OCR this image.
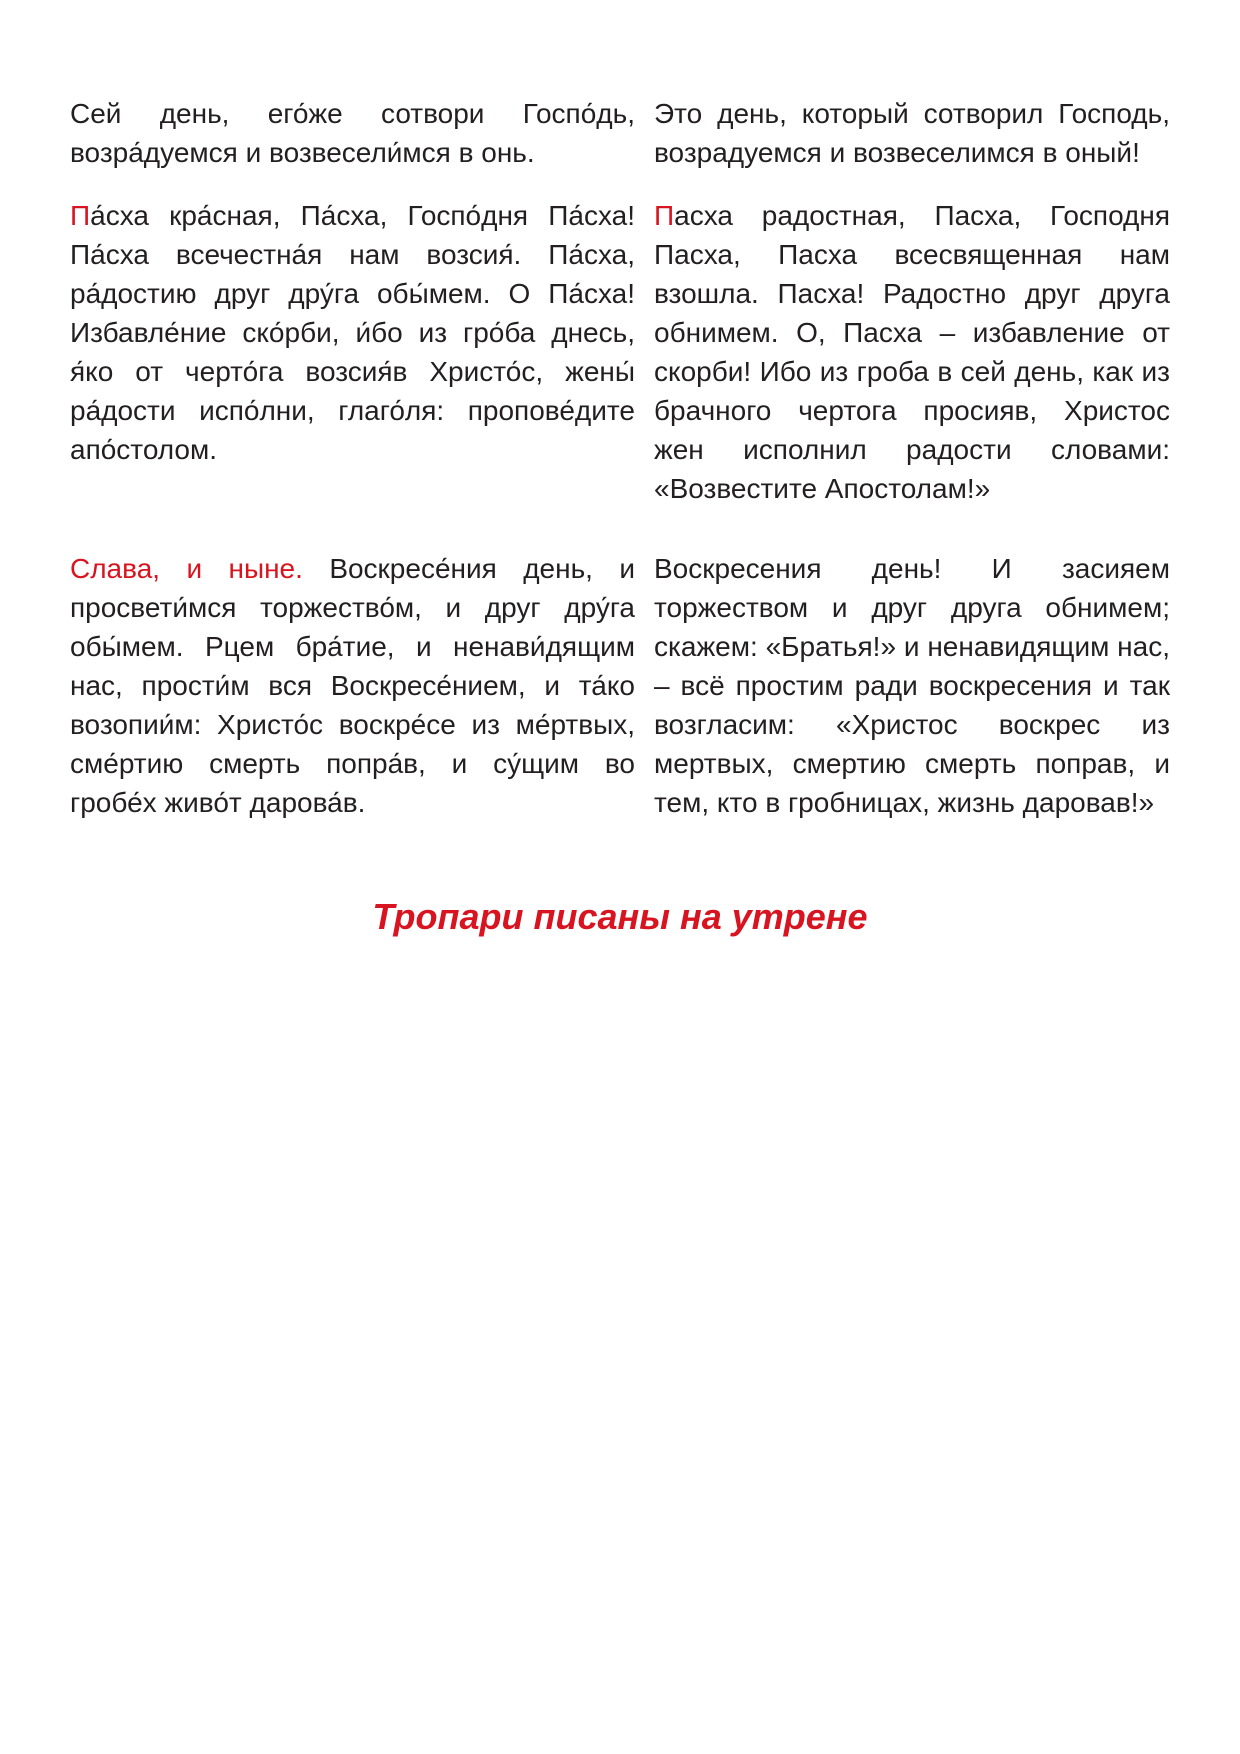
Сей день, его́же сотвори Госпо́дь, возра́дуемся и возвесели́мся в онь.

Это день, который сотворил Господь, возрадуемся и возвеселимся в оный!

Па́сха кра́сная, Па́сха, Госпо́дня Па́сха! Па́сха всечестна́я нам возсия́. Па́сха, ра́достию друг дру́га обы́мем. О Па́сха! Избавле́ние ско́рби, и́бо из гро́ба днесь, я́ко от черто́га возсия́в Христо́с, жены́ ра́дости испо́лни, глаго́ля: пропове́дите апо́столом.

Пасха радостная, Пасха, Господня Пасха, Пасха всесвященная нам взошла. Пасха! Радостно друг друга обнимем. О, Пасха – избавление от скорби! Ибо из гроба в сей день, как из брачного чертога просияв, Христос жен исполнил радости словами: «Возвестите Апостолам!»

Слава, и ныне. Воскресе́ния день, и просвети́мся торжество́м, и друг дру́га обы́мем. Рцем бра́тие, и ненави́дящим нас, прости́м вся Воскресе́нием, и та́ко возопии́м: Христо́с воскре́се из ме́ртвых, сме́ртию смерть попра́в, и су́щим во гробе́х живо́т дарова́в.

Воскресения день! И засияем торжеством и друг друга обнимем; скажем: «Братья!» и ненавидящим нас, – всё простим ради воскресения и так возгласим: «Христос воскрес из мертвых, смертию смерть поправ, и тем, кто в гробницах, жизнь даровав!»

Тропари писаны на утрене
